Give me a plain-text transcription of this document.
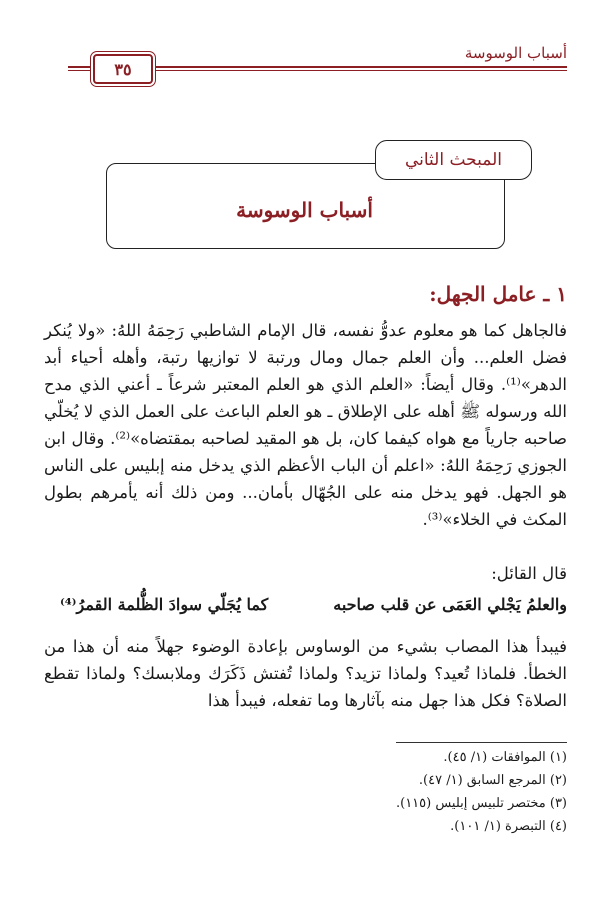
أسباب الوسوسة
٣٥
المبحث الثاني
أسباب الوسوسة
١ ـ عامل الجهل:
فالجاهل كما هو معلوم عدوُّ نفسه، قال الإمام الشاطبي رَحِمَهُ اللهُ: «ولا يُنكر فضل العلم... وأن العلم جمال ومال ورتبة لا توازيها رتبة، وأهله أحياء أبد الدهر»⁽¹⁾. وقال أيضاً: «العلم الذي هو العلم المعتبر شرعاً ـ أعني الذي مدح الله ورسوله ﷺ أهله على الإطلاق ـ هو العلم الباعث على العمل الذي لا يُخلّي صاحبه جارياً مع هواه كيفما كان، بل هو المقيد لصاحبه بمقتضاه»⁽²⁾. وقال ابن الجوزي رَحِمَهُ اللهُ: «اعلم أن الباب الأعظم الذي يدخل منه إبليس على الناس هو الجهل. فهو يدخل منه على الجُهّال بأمان... ومن ذلك أنه يأمرهم بطول المكث في الخلاء»⁽³⁾.
قال القائل:
والعلمُ يَجْلي العَمَى عن قلب صاحبه
كما يُجَلّي سوادَ الظُّلمة القمرُ⁽⁴⁾
فيبدأ هذا المصاب بشيء من الوساوس بإعادة الوضوء جهلاً منه أن هذا من الخطأ. فلماذا تُعيد؟ ولماذا تزيد؟ ولماذا تُفتش ذَكَرَك وملابسك؟ ولماذا تقطع الصلاة؟ فكل هذا جهل منه بآثارها وما تفعله، فيبدأ هذا
(١) الموافقات (١/ ٤٥).
(٢) المرجع السابق (١/ ٤٧).
(٣) مختصر تلبيس إبليس (١١٥).
(٤) التبصرة (١/ ١٠١).
